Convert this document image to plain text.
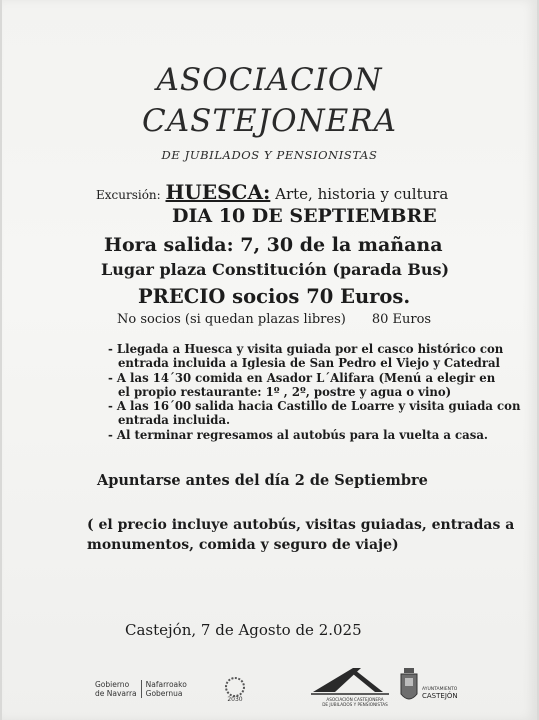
ASOCIACION
CASTEJONERA
DE JUBILADOS Y PENSIONISTAS
Excursión: HUESCA: Arte, historia y cultura
DIA 10 DE SEPTIEMBRE
Hora salida: 7, 30 de la mañana
Lugar plaza Constitución (parada Bus)
PRECIO socios 70 Euros.
No socios (si quedan plazas libres) 80 Euros
- Llegada a Huesca y visita guiada por el casco histórico con
entrada incluida a Iglesia de San Pedro el Viejo y Catedral
- A las 14´30 comida en Asador L´Alifara (Menú a elegir en
el propio restaurante: 1º , 2º, postre y agua o vino)
- A las 16´00 salida hacia Castillo de Loarre y visita guiada con
entrada incluida.
- Al terminar regresamos al autobús para la vuelta a casa.
Apuntarse antes del día 2 de Septiembre
( el precio incluye autobús, visitas guiadas, entradas a
monumentos, comida y seguro de viaje)
Castejón, 7 de Agosto de 2.025
Gobierno
de Navarra
Nafarroako
Gobernua
2030	ASOCIACIÓN CASTEJONERA
DE JUBILADOS Y PENSIONISTAS
AYUNTAMIENTO
CASTEJÓN
